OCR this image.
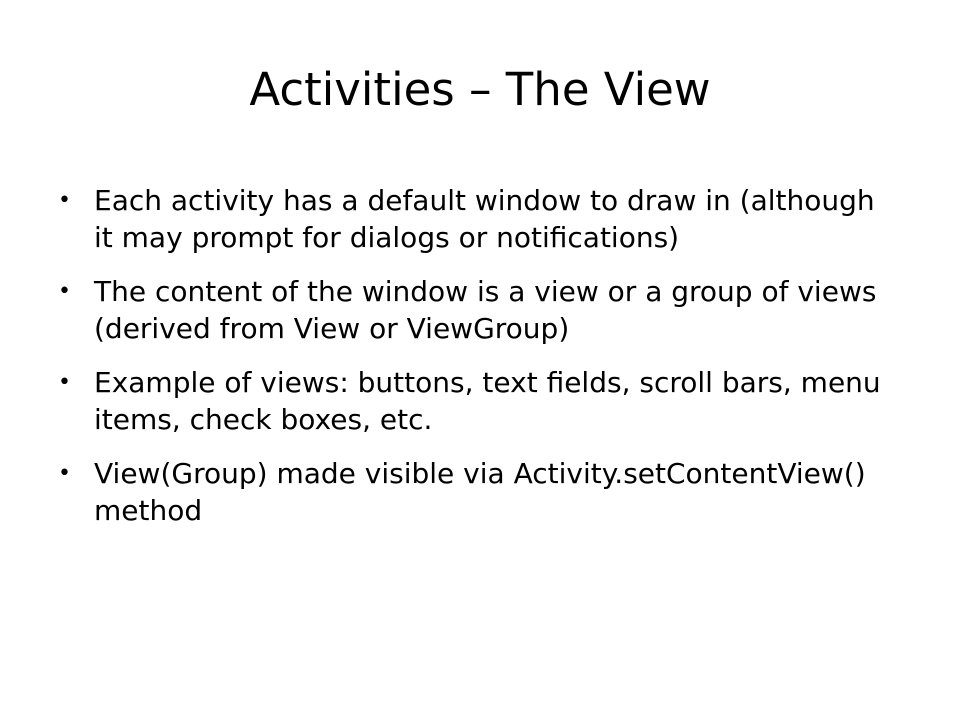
Activities – The View
• Each activity has a default window to draw in (although it may prompt for dialogs or notifications)
• The content of the window is a view or a group of views (derived from View or ViewGroup)
• Example of views: buttons, text fields, scroll bars, menu items, check boxes, etc.
• View(Group) made visible via Activity.setContentView() method
